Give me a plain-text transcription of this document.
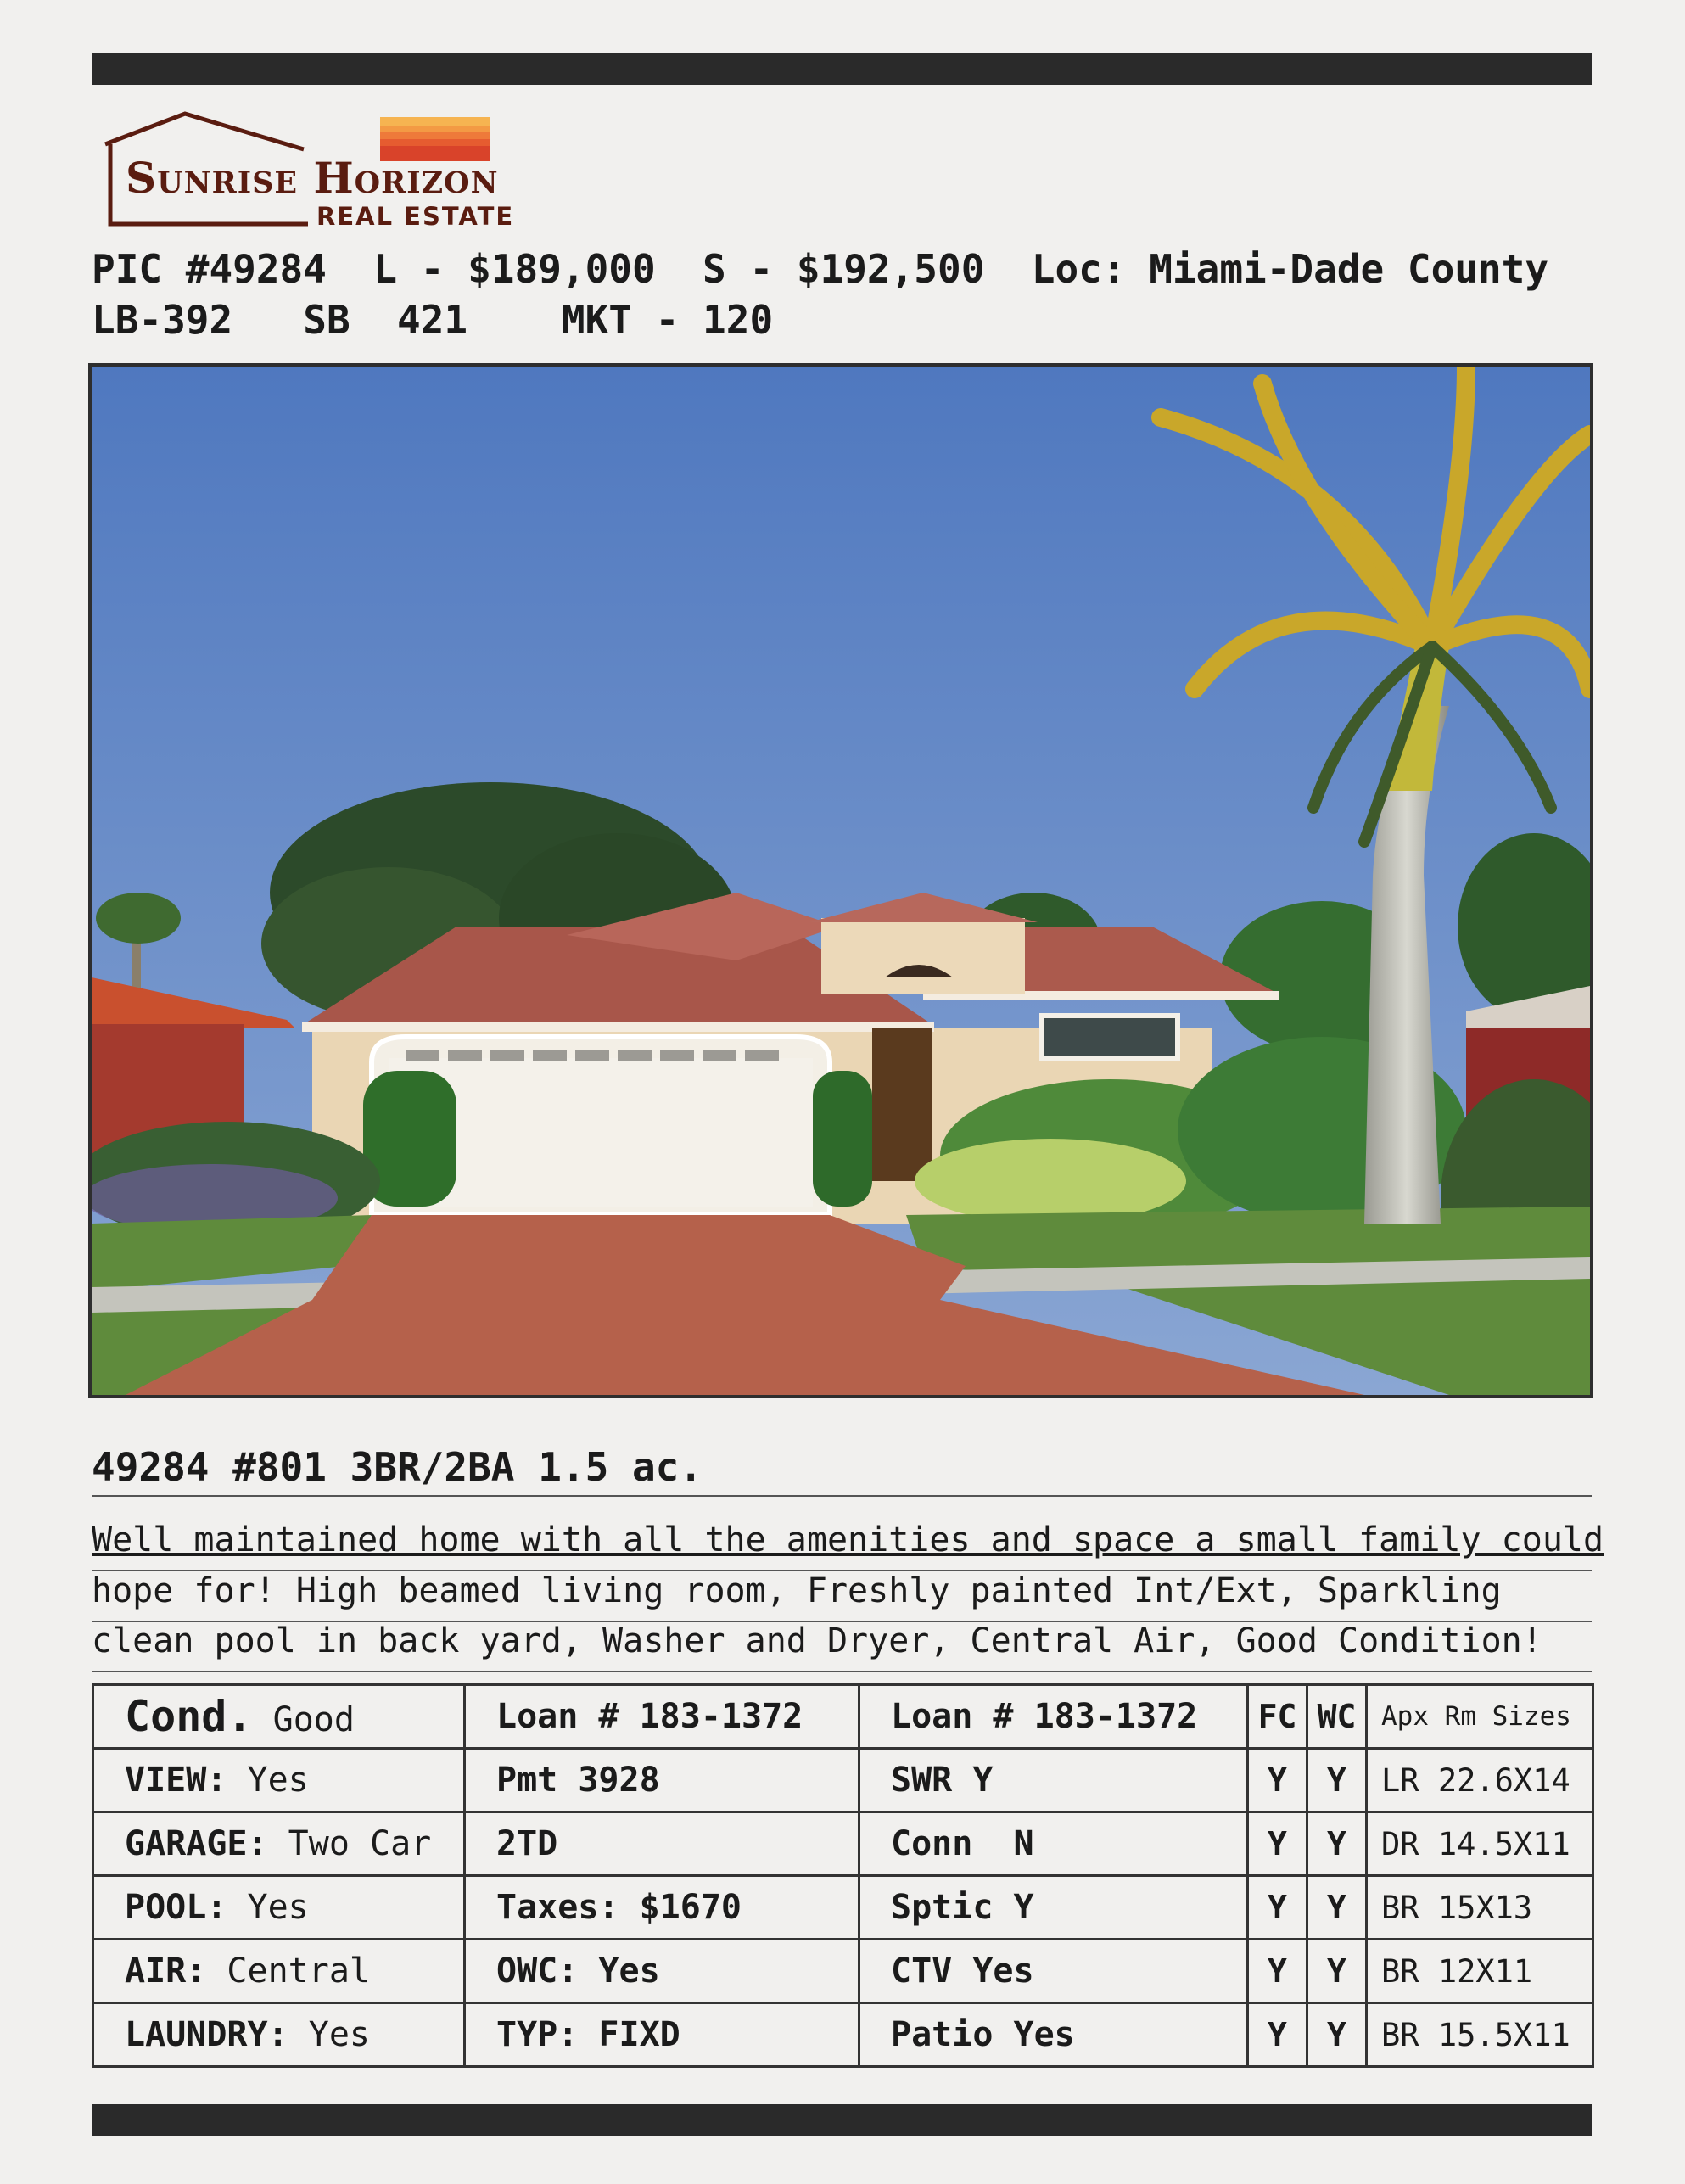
Sunrise Horizon
REAL ESTATE
PIC #49284  L - $189,000  S - $192,500  Loc: Miami-Dade County
LB-392   SB  421    MKT - 120
49284 #801 3BR/2BA 1.5 ac.
Well maintained home with all the amenities and space a small family could
hope for! High beamed living room, Freshly painted Int/Ext, Sparkling
clean pool in back yard, Washer and Dryer, Central Air, Good Condition!
Cond. Good	Loan # 183-1372	Loan # 183-1372	FC	WC	Apx Rm Sizes
VIEW: Yes	Pmt 3928	SWR Y	Y	Y	LR 22.6X14
GARAGE: Two Car	2TD	Conn  N	Y	Y	DR 14.5X11
POOL: Yes	Taxes: $1670	Sptic Y	Y	Y	BR 15X13
AIR: Central	OWC: Yes	CTV Yes	Y	Y	BR 12X11
LAUNDRY: Yes	TYP: FIXD	Patio Yes	Y	Y	BR 15.5X11
